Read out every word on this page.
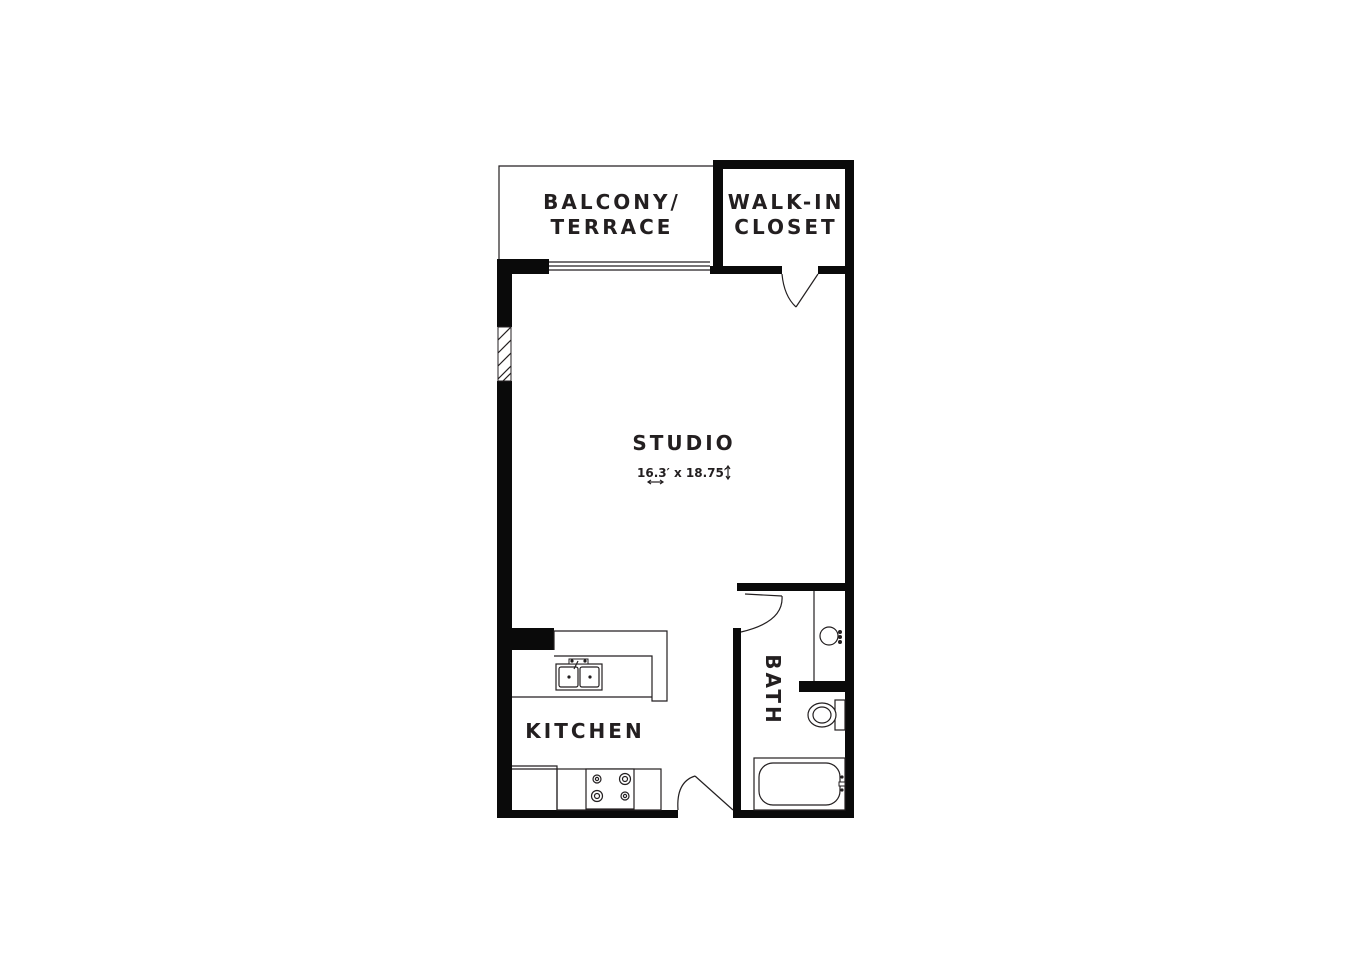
BALCONY/
TERRACE
WALK-IN
CLOSET
STUDIO
16.3′ x 18.75′
KITCHEN
BATH
